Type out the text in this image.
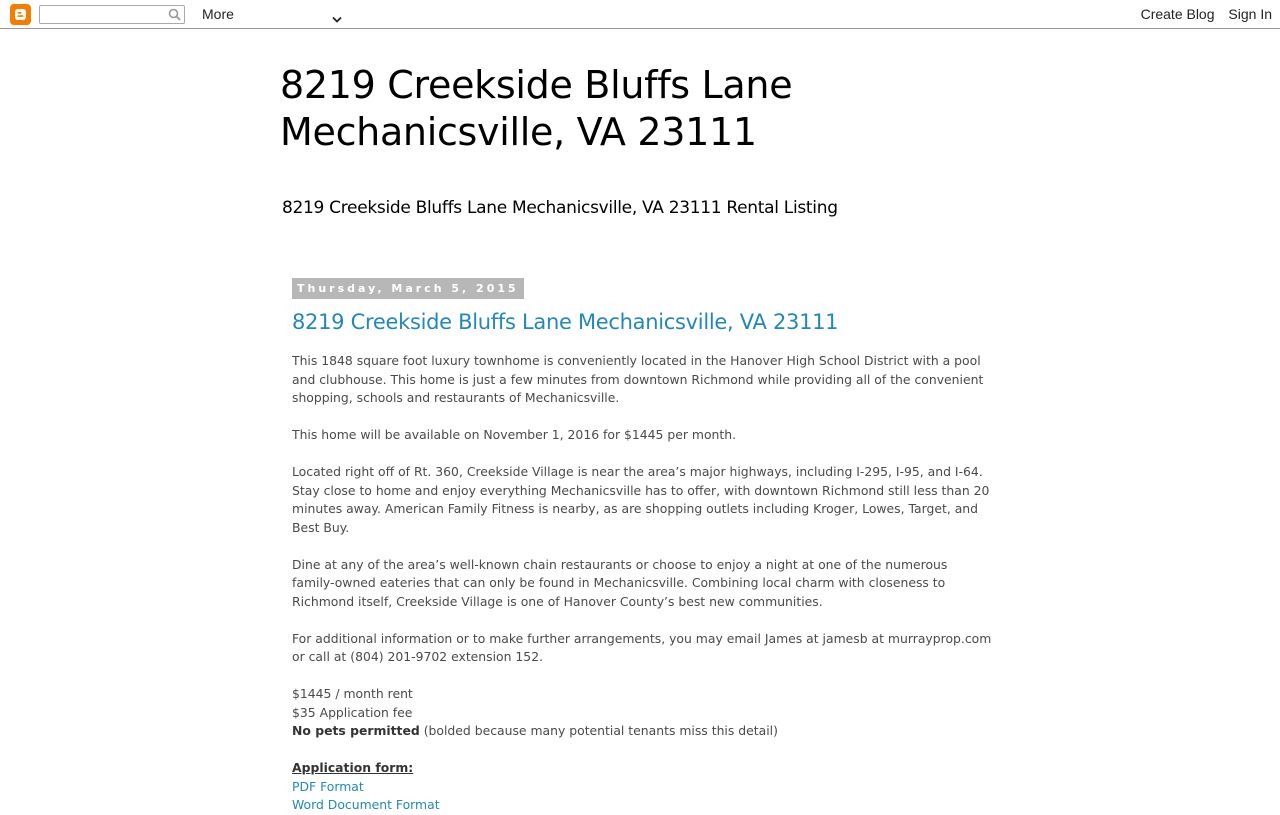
More	Create Blog Sign In
8219 Creekside Bluffs Lane
Mechanicsville, VA 23111
8219 Creekside Bluffs Lane Mechanicsville, VA 23111 Rental Listing
Thursday, March 5, 2015
8219 Creekside Bluffs Lane Mechanicsville, VA 23111

This 1848 square foot luxury townhome is conveniently located in the Hanover High School District with a pool and clubhouse. This home is just a few minutes from downtown Richmond while providing all of the convenient shopping, schools and restaurants of Mechanicsville.

This home will be available on November 1, 2016 for $1445 per month.

Located right off of Rt. 360, Creekside Village is near the area’s major highways, including I-295, I-95, and I-64. Stay close to home and enjoy everything Mechanicsville has to offer, with downtown Richmond still less than 20 minutes away. American Family Fitness is nearby, as are shopping outlets including Kroger, Lowes, Target, and Best Buy.

Dine at any of the area’s well-known chain restaurants or choose to enjoy a night at one of the numerous family-owned eateries that can only be found in Mechanicsville. Combining local charm with closeness to Richmond itself, Creekside Village is one of Hanover County’s best new communities.

For additional information or to make further arrangements, you may email James at jamesb at murrayprop.com or call at (804) 201-9702 extension 152.

$1445 / month rent
$35 Application fee

No pets permitted (bolded because many potential tenants miss this detail)

Application form:
PDF Format
Word Document Format
